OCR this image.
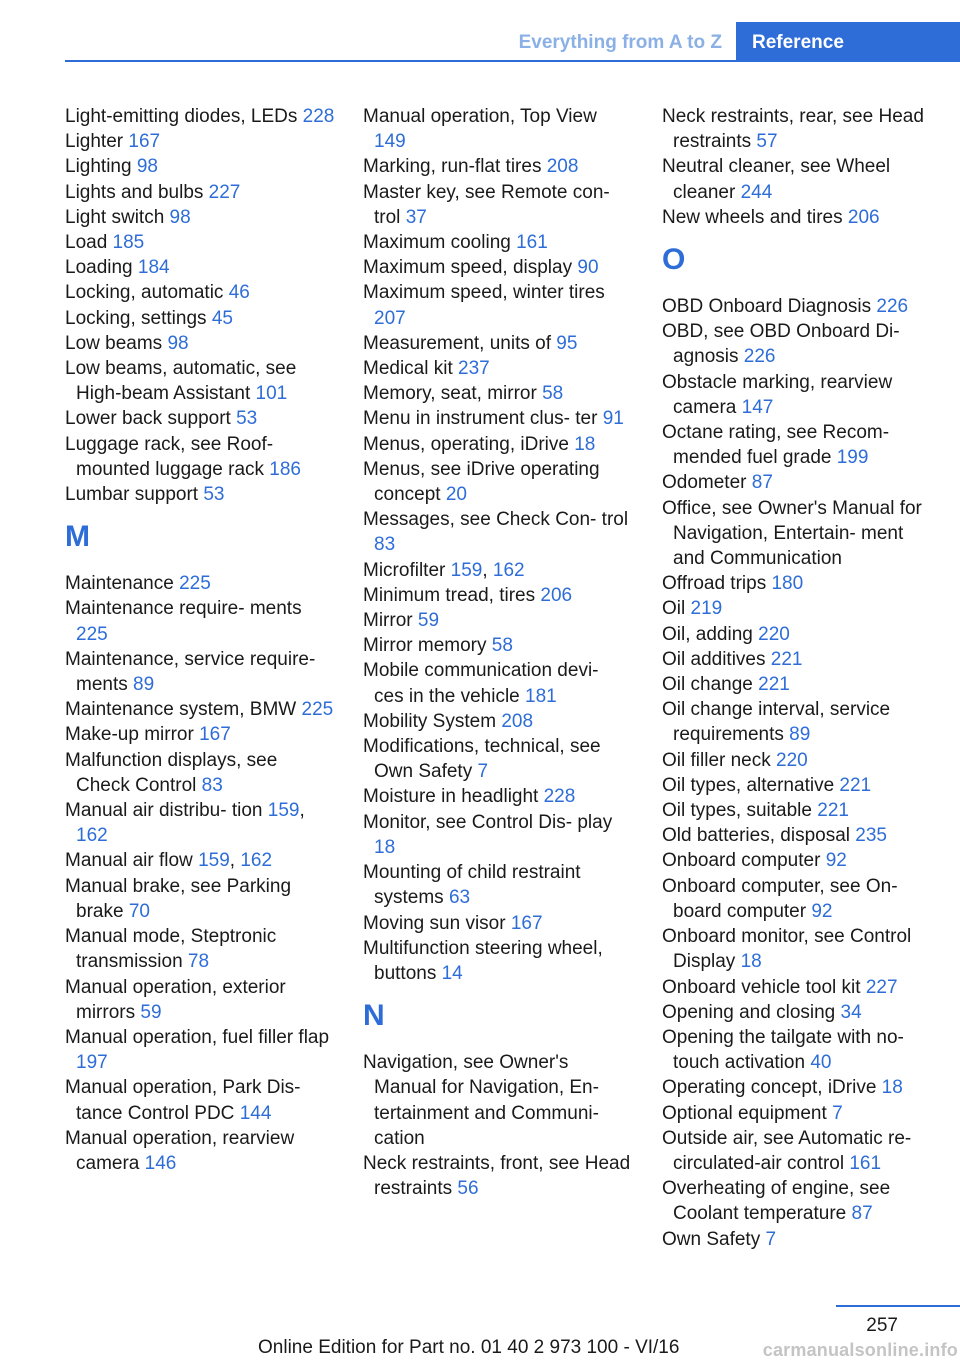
Everything from A to Z	Reference
Light-emitting diodes, LEDs 228
Lighter 167
Lighting 98
Lights and bulbs 227
Light switch 98
Load 185
Loading 184
Locking, automatic 46
Locking, settings 45
Low beams 98
Low beams, automatic, see High-beam Assistant 101
Lower back support 53
Luggage rack, see Roof-mounted luggage rack 186
Lumbar support 53
M
Maintenance 225
Maintenance require- ments 225
Maintenance, service require- ments 89
Maintenance system, BMW 225
Make-up mirror 167
Malfunction displays, see Check Control 83
Manual air distribu- tion 159, 162
Manual air flow 159, 162
Manual brake, see Parking brake 70
Manual mode, Steptronic transmission 78
Manual operation, exterior mirrors 59
Manual operation, fuel filler flap 197
Manual operation, Park Dis- tance Control PDC 144
Manual operation, rearview camera 146
Manual operation, Top View 149
Marking, run-flat tires 208
Master key, see Remote con- trol 37
Maximum cooling 161
Maximum speed, display 90
Maximum speed, winter tires 207
Measurement, units of 95
Medical kit 237
Memory, seat, mirror 58
Menu in instrument clus- ter 91
Menus, operating, iDrive 18
Menus, see iDrive operating concept 20
Messages, see Check Con- trol 83
Microfilter 159, 162
Minimum tread, tires 206
Mirror 59
Mirror memory 58
Mobile communication devi- ces in the vehicle 181
Mobility System 208
Modifications, technical, see Own Safety 7
Moisture in headlight 228
Monitor, see Control Dis- play 18
Mounting of child restraint systems 63
Moving sun visor 167
Multifunction steering wheel, buttons 14
N
Navigation, see Owner's Manual for Navigation, En- tertainment and Communi- cation
Neck restraints, front, see Head restraints 56
Neck restraints, rear, see Head restraints 57
Neutral cleaner, see Wheel cleaner 244
New wheels and tires 206
O
OBD Onboard Diagnosis 226
OBD, see OBD Onboard Di- agnosis 226
Obstacle marking, rearview camera 147
Octane rating, see Recom- mended fuel grade 199
Odometer 87
Office, see Owner's Manual for Navigation, Entertain- ment and Communication
Offroad trips 180
Oil 219
Oil, adding 220
Oil additives 221
Oil change 221
Oil change interval, service requirements 89
Oil filler neck 220
Oil types, alternative 221
Oil types, suitable 221
Old batteries, disposal 235
Onboard computer 92
Onboard computer, see On- board computer 92
Onboard monitor, see Control Display 18
Onboard vehicle tool kit 227
Opening and closing 34
Opening the tailgate with no- touch activation 40
Operating concept, iDrive 18
Optional equipment 7
Outside air, see Automatic re- circulated-air control 161
Overheating of engine, see Coolant temperature 87
Own Safety 7
257
Online Edition for Part no. 01 40 2 973 100 - VI/16	carmanualsonline.info
